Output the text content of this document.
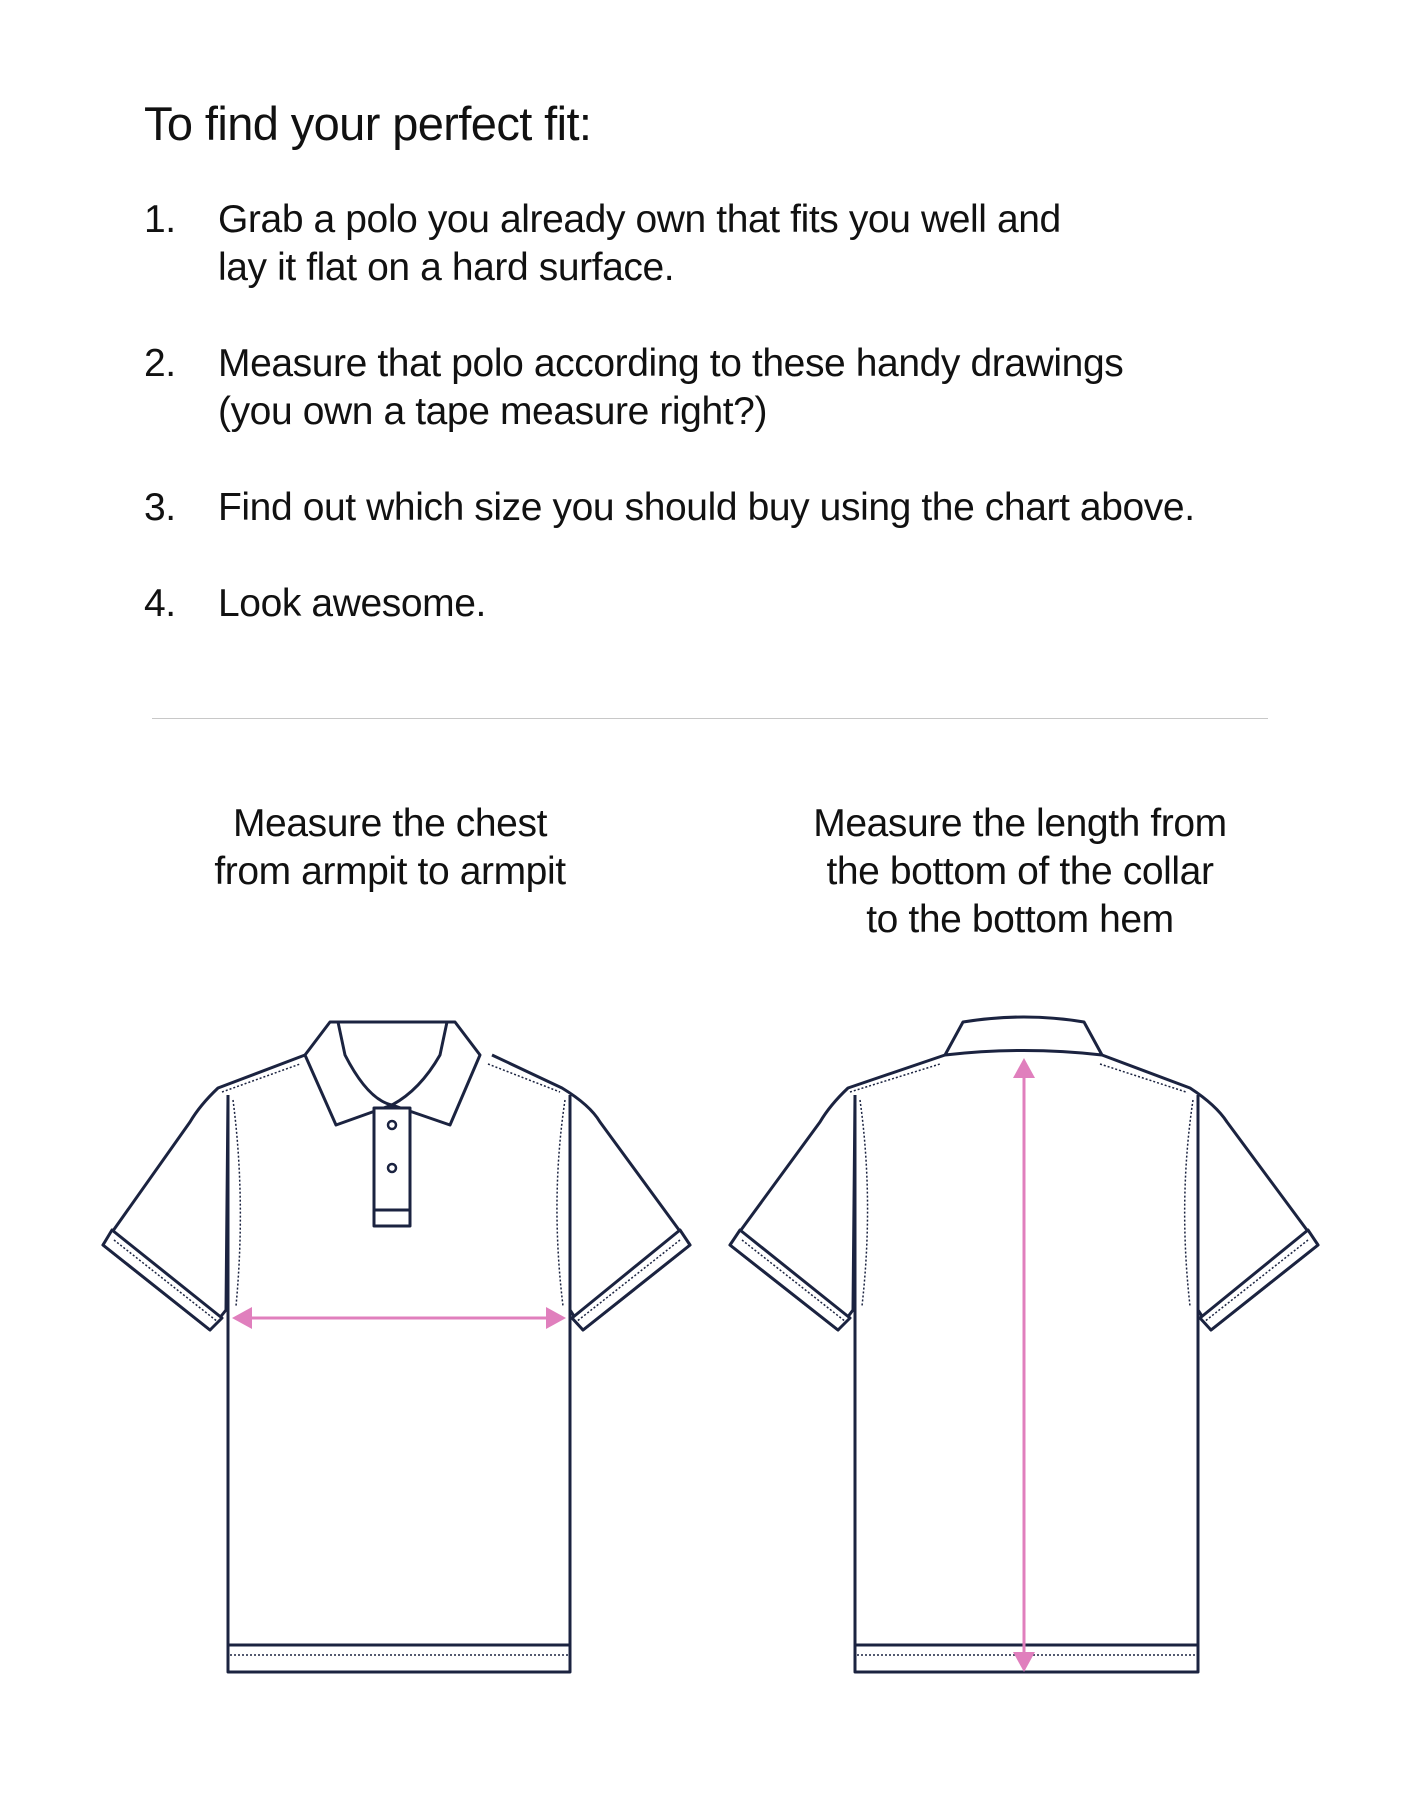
To find your perfect fit:
1. Grab a polo you already own that fits you well and
lay it flat on a hard surface.
2. Measure that polo according to these handy drawings
(you own a tape measure right?)
3. Find out which size you should buy using the chart above.
4. Look awesome.

Measure the chest
from armpit to armpit

Measure the length from
the bottom of the collar
to the bottom hem
